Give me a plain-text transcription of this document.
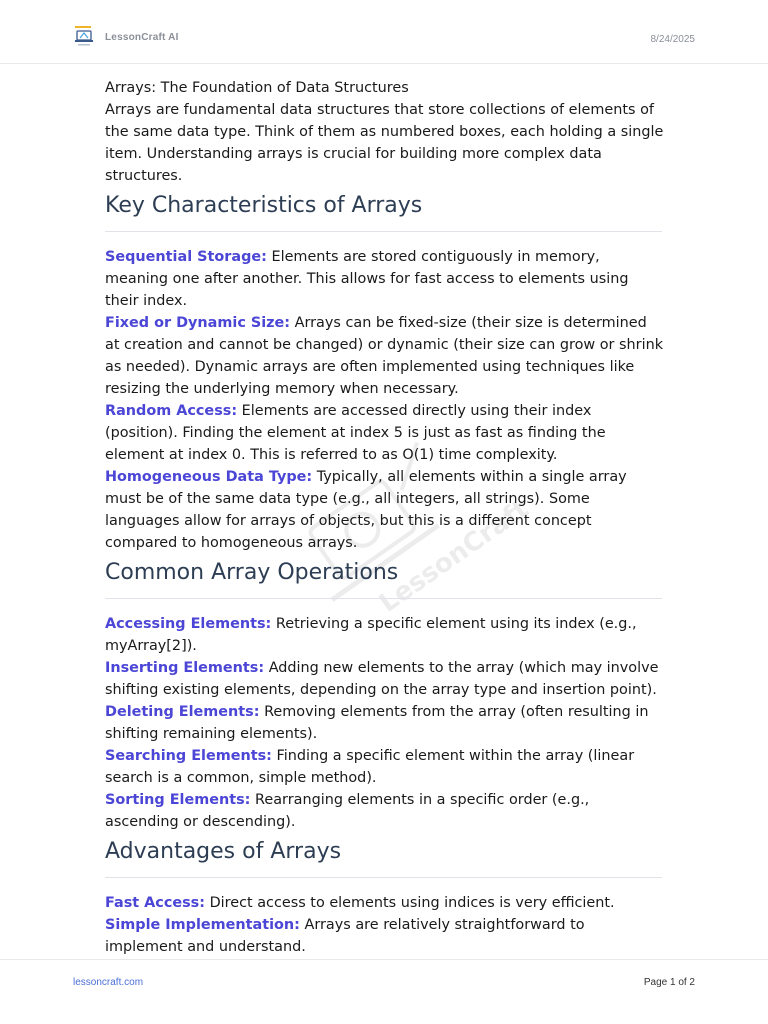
LessonCraft AI	8/24/2025
LessonCraft AI

Arrays: The Foundation of Data Structures

Arrays are fundamental data structures that store collections of elements of the same data type. Think of them as numbered boxes, each holding a single item. Understanding arrays is crucial for building more complex data structures.

Key Characteristics of Arrays

Sequential Storage: Elements are stored contiguously in memory, meaning one after another. This allows for fast access to elements using their index.

Fixed or Dynamic Size: Arrays can be fixed-size (their size is determined at creation and cannot be changed) or dynamic (their size can grow or shrink as needed). Dynamic arrays are often implemented using techniques like resizing the underlying memory when necessary.

Random Access: Elements are accessed directly using their index (position). Finding the element at index 5 is just as fast as finding the element at index 0. This is referred to as O(1) time complexity.

Homogeneous Data Type: Typically, all elements within a single array must be of the same data type (e.g., all integers, all strings). Some languages allow for arrays of objects, but this is a different concept compared to homogeneous arrays.

Common Array Operations

Accessing Elements: Retrieving a specific element using its index (e.g., myArray[2]).

Inserting Elements: Adding new elements to the array (which may involve shifting existing elements, depending on the array type and insertion point).

Deleting Elements: Removing elements from the array (often resulting in shifting remaining elements).

Searching Elements: Finding a specific element within the array (linear search is a common, simple method).

Sorting Elements: Rearranging elements in a specific order (e.g., ascending or descending).

Advantages of Arrays

Fast Access: Direct access to elements using indices is very efficient.

Simple Implementation: Arrays are relatively straightforward to implement and understand.

lessoncraft.com	Page 1 of 2
